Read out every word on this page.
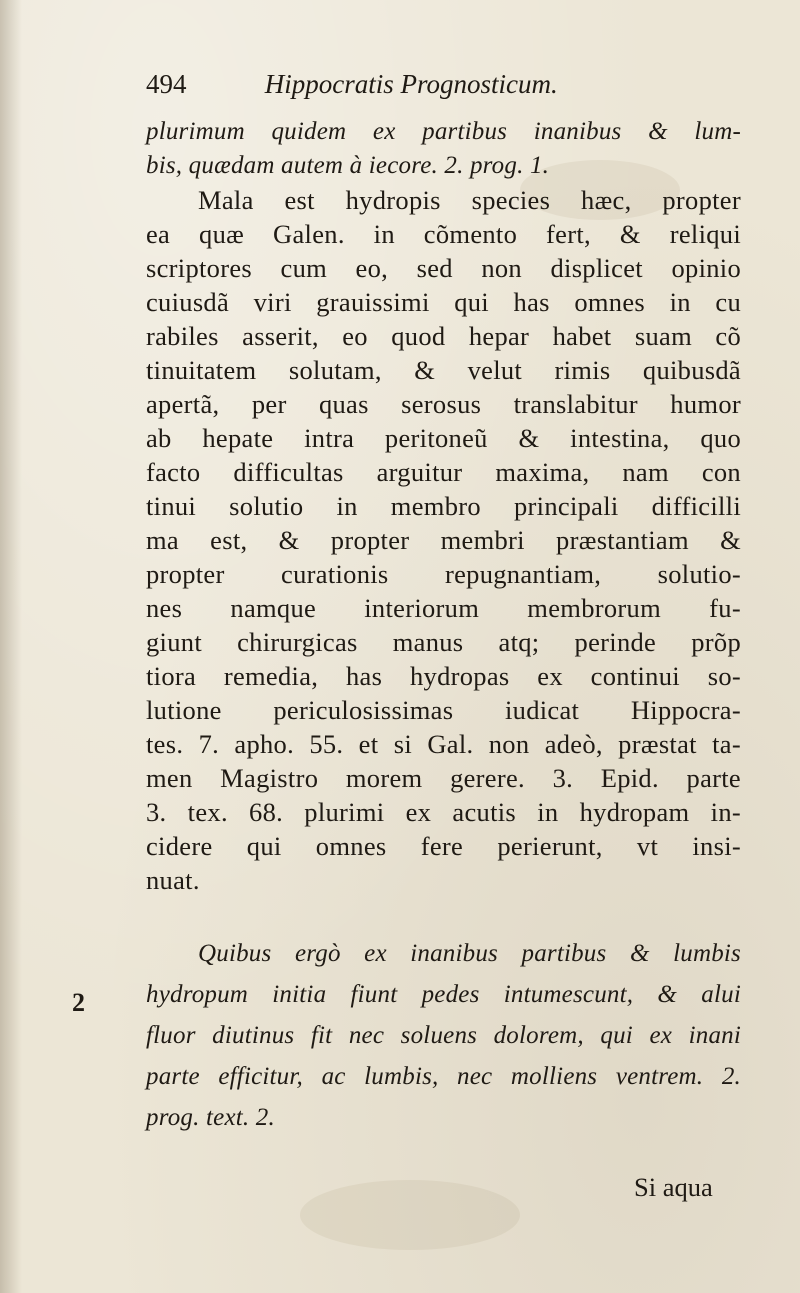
494	Hippocratis Prognosticum.
plurimum quidem ex partibus inanibus & lum-
bis, quædam autem à iecore. 2. prog. 1.
Mala est hydropis species hæc, propter
ea quæ Galen. in cõmento fert, & reliqui
scriptores cum eo, sed non displicet opinio
cuiusdã viri grauissimi qui has omnes in cu
rabiles asserit, eo quod hepar habet suam cõ
tinuitatem solutam, & velut rimis quibusdã
apertã, per quas serosus translabitur humor
ab hepate intra peritoneũ & intestina, quo
facto difficultas arguitur maxima, nam con
tinui solutio in membro principali difficilli
ma est, & propter membri præstantiam &
propter curationis repugnantiam, solutio-
nes namque interiorum membrorum fu-
giunt chirurgicas manus atq; perinde prõp
tiora remedia, has hydropas ex continui so-
lutione periculosissimas iudicat Hippocra-
tes. 7. apho. 55. et si Gal. non adeò, præstat ta-
men Magistro morem gerere. 3. Epid. parte
3. tex. 68. plurimi ex acutis in hydropam in-
cidere qui omnes fere perierunt, vt insi-
nuat.
Quibus ergò ex inanibus partibus & lumbis
hydropum initia fiunt pedes intumescunt, & alui
fluor diutinus fit nec soluens dolorem, qui ex inani
parte efficitur, ac lumbis, nec molliens ventrem. 2.
prog. text. 2.
2
Si aqua
